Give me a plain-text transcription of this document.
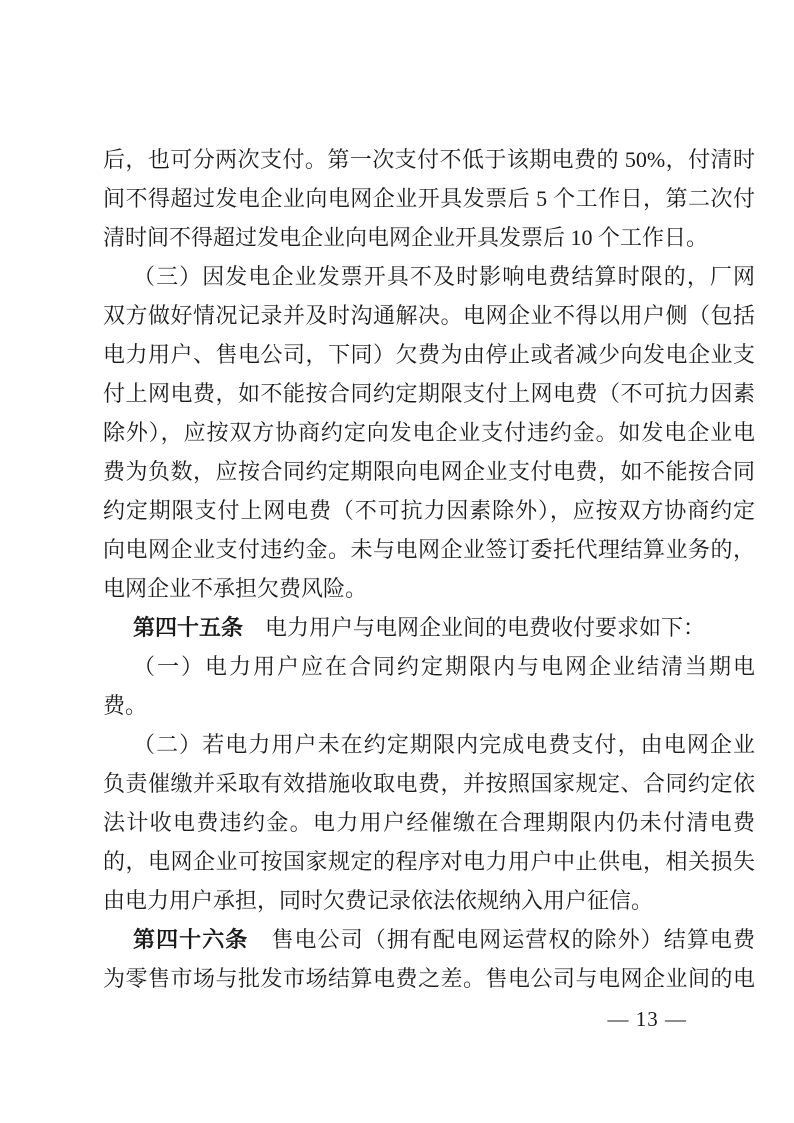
后，也可分两次支付。第一次支付不低于该期电费的 50%，付清时
间不得超过发电企业向电网企业开具发票后 5 个工作日，第二次付
清时间不得超过发电企业向电网企业开具发票后 10 个工作日。
（三）因发电企业发票开具不及时影响电费结算时限的，厂网
双方做好情况记录并及时沟通解决。电网企业不得以用户侧（包括
电力用户、售电公司，下同）欠费为由停止或者减少向发电企业支
付上网电费，如不能按合同约定期限支付上网电费（不可抗力因素
除外），应按双方协商约定向发电企业支付违约金。如发电企业电
费为负数，应按合同约定期限向电网企业支付电费，如不能按合同
约定期限支付上网电费（不可抗力因素除外），应按双方协商约定
向电网企业支付违约金。未与电网企业签订委托代理结算业务的，
电网企业不承担欠费风险。
第四十五条　电力用户与电网企业间的电费收付要求如下：
（一）电力用户应在合同约定期限内与电网企业结清当期电
费。
（二）若电力用户未在约定期限内完成电费支付，由电网企业
负责催缴并采取有效措施收取电费，并按照国家规定、合同约定依
法计收电费违约金。电力用户经催缴在合理期限内仍未付清电费
的，电网企业可按国家规定的程序对电力用户中止供电，相关损失
由电力用户承担，同时欠费记录依法依规纳入用户征信。
第四十六条　售电公司（拥有配电网运营权的除外）结算电费
为零售市场与批发市场结算电费之差。售电公司与电网企业间的电
— 13 —
